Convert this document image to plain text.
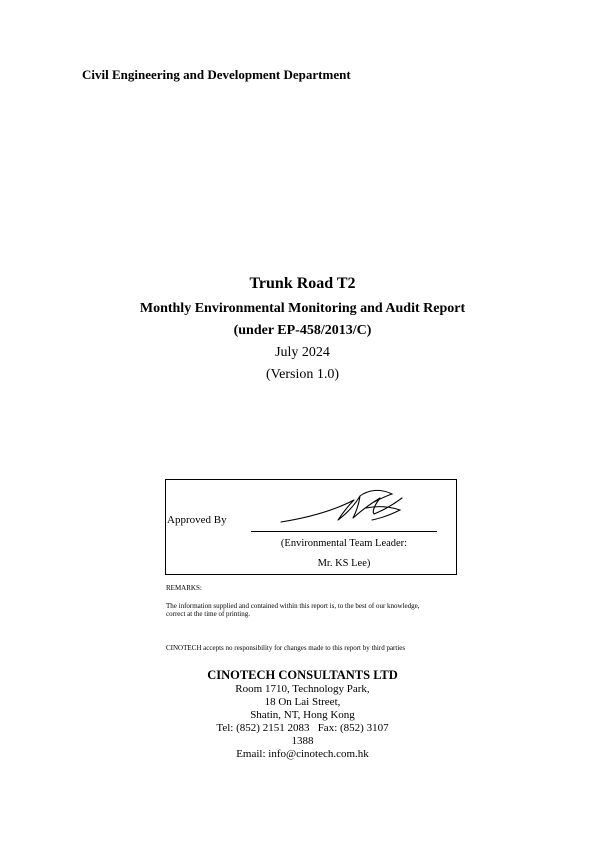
Civil Engineering and Development Department
Trunk Road T2
Monthly Environmental Monitoring and Audit Report
(under EP-458/2013/C)
July 2024
(Version 1.0)
Approved By
(Environmental Team Leader:
Mr. KS Lee)
REMARKS:
The information supplied and contained within this report is, to the best of our knowledge,
correct at the time of printing.
CINOTECH accepts no responsibility for changes made to this report by third parties
CINOTECH CONSULTANTS LTD
Room 1710, Technology Park,
18 On Lai Street,
Shatin, NT, Hong Kong
Tel: (852) 2151 2083   Fax: (852) 3107
1388
Email: info@cinotech.com.hk
